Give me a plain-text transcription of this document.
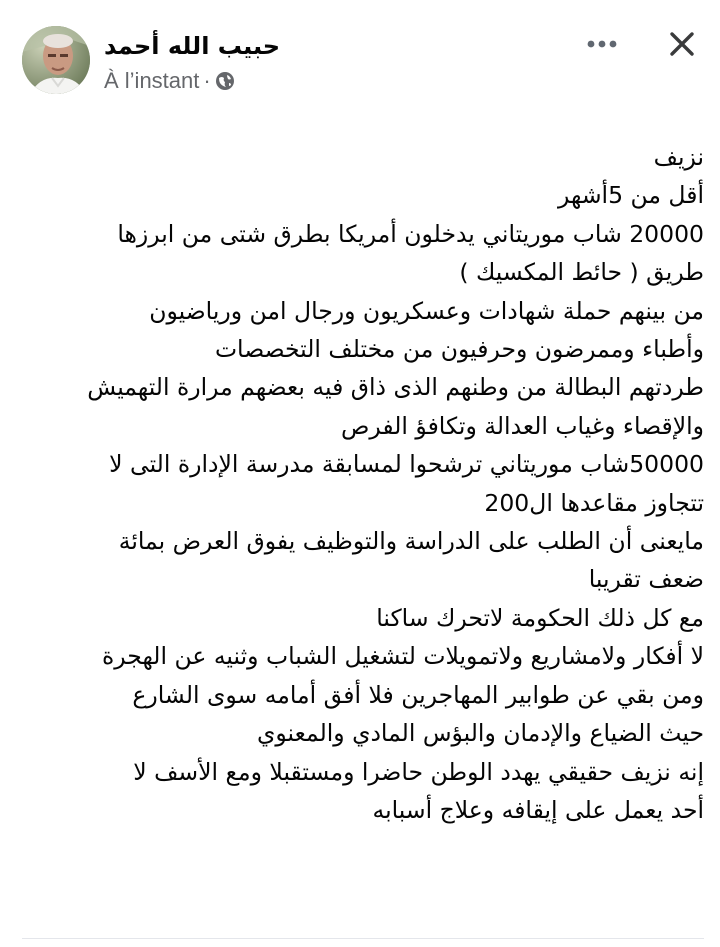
حبيب الله أحمد
À l’instant ·
نزيف
أقل من 5أشهر
20000 شاب موريتاني يدخلون أمريكا بطرق شتى من ابرزها
طريق ( حائط المكسيك )
من بينهم حملة شهادات وعسكريون ورجال امن ورياضيون
وأطباء وممرضون وحرفيون من مختلف التخصصات
طردتهم البطالة من وطنهم الذى ذاق فيه بعضهم مرارة التهميش
والإقصاء وغياب العدالة وتكافؤ الفرص
50000شاب موريتاني ترشحوا لمسابقة مدرسة الإدارة التى لا
تتجاوز مقاعدها ال200
مايعنى أن الطلب على الدراسة والتوظيف يفوق العرض بمائة
ضعف تقريبا
مع كل ذلك الحكومة لاتحرك ساكنا
لا أفكار ولامشاريع ولاتمويلات لتشغيل الشباب وثنيه عن الهجرة
ومن بقي عن طوابير المهاجرين فلا أفق أمامه سوى الشارع
حيث الضياع والإدمان والبؤس المادي والمعنوي
إنه نزيف حقيقي يهدد الوطن حاضرا ومستقبلا ومع الأسف لا
أحد يعمل على إيقافه وعلاج أسبابه
